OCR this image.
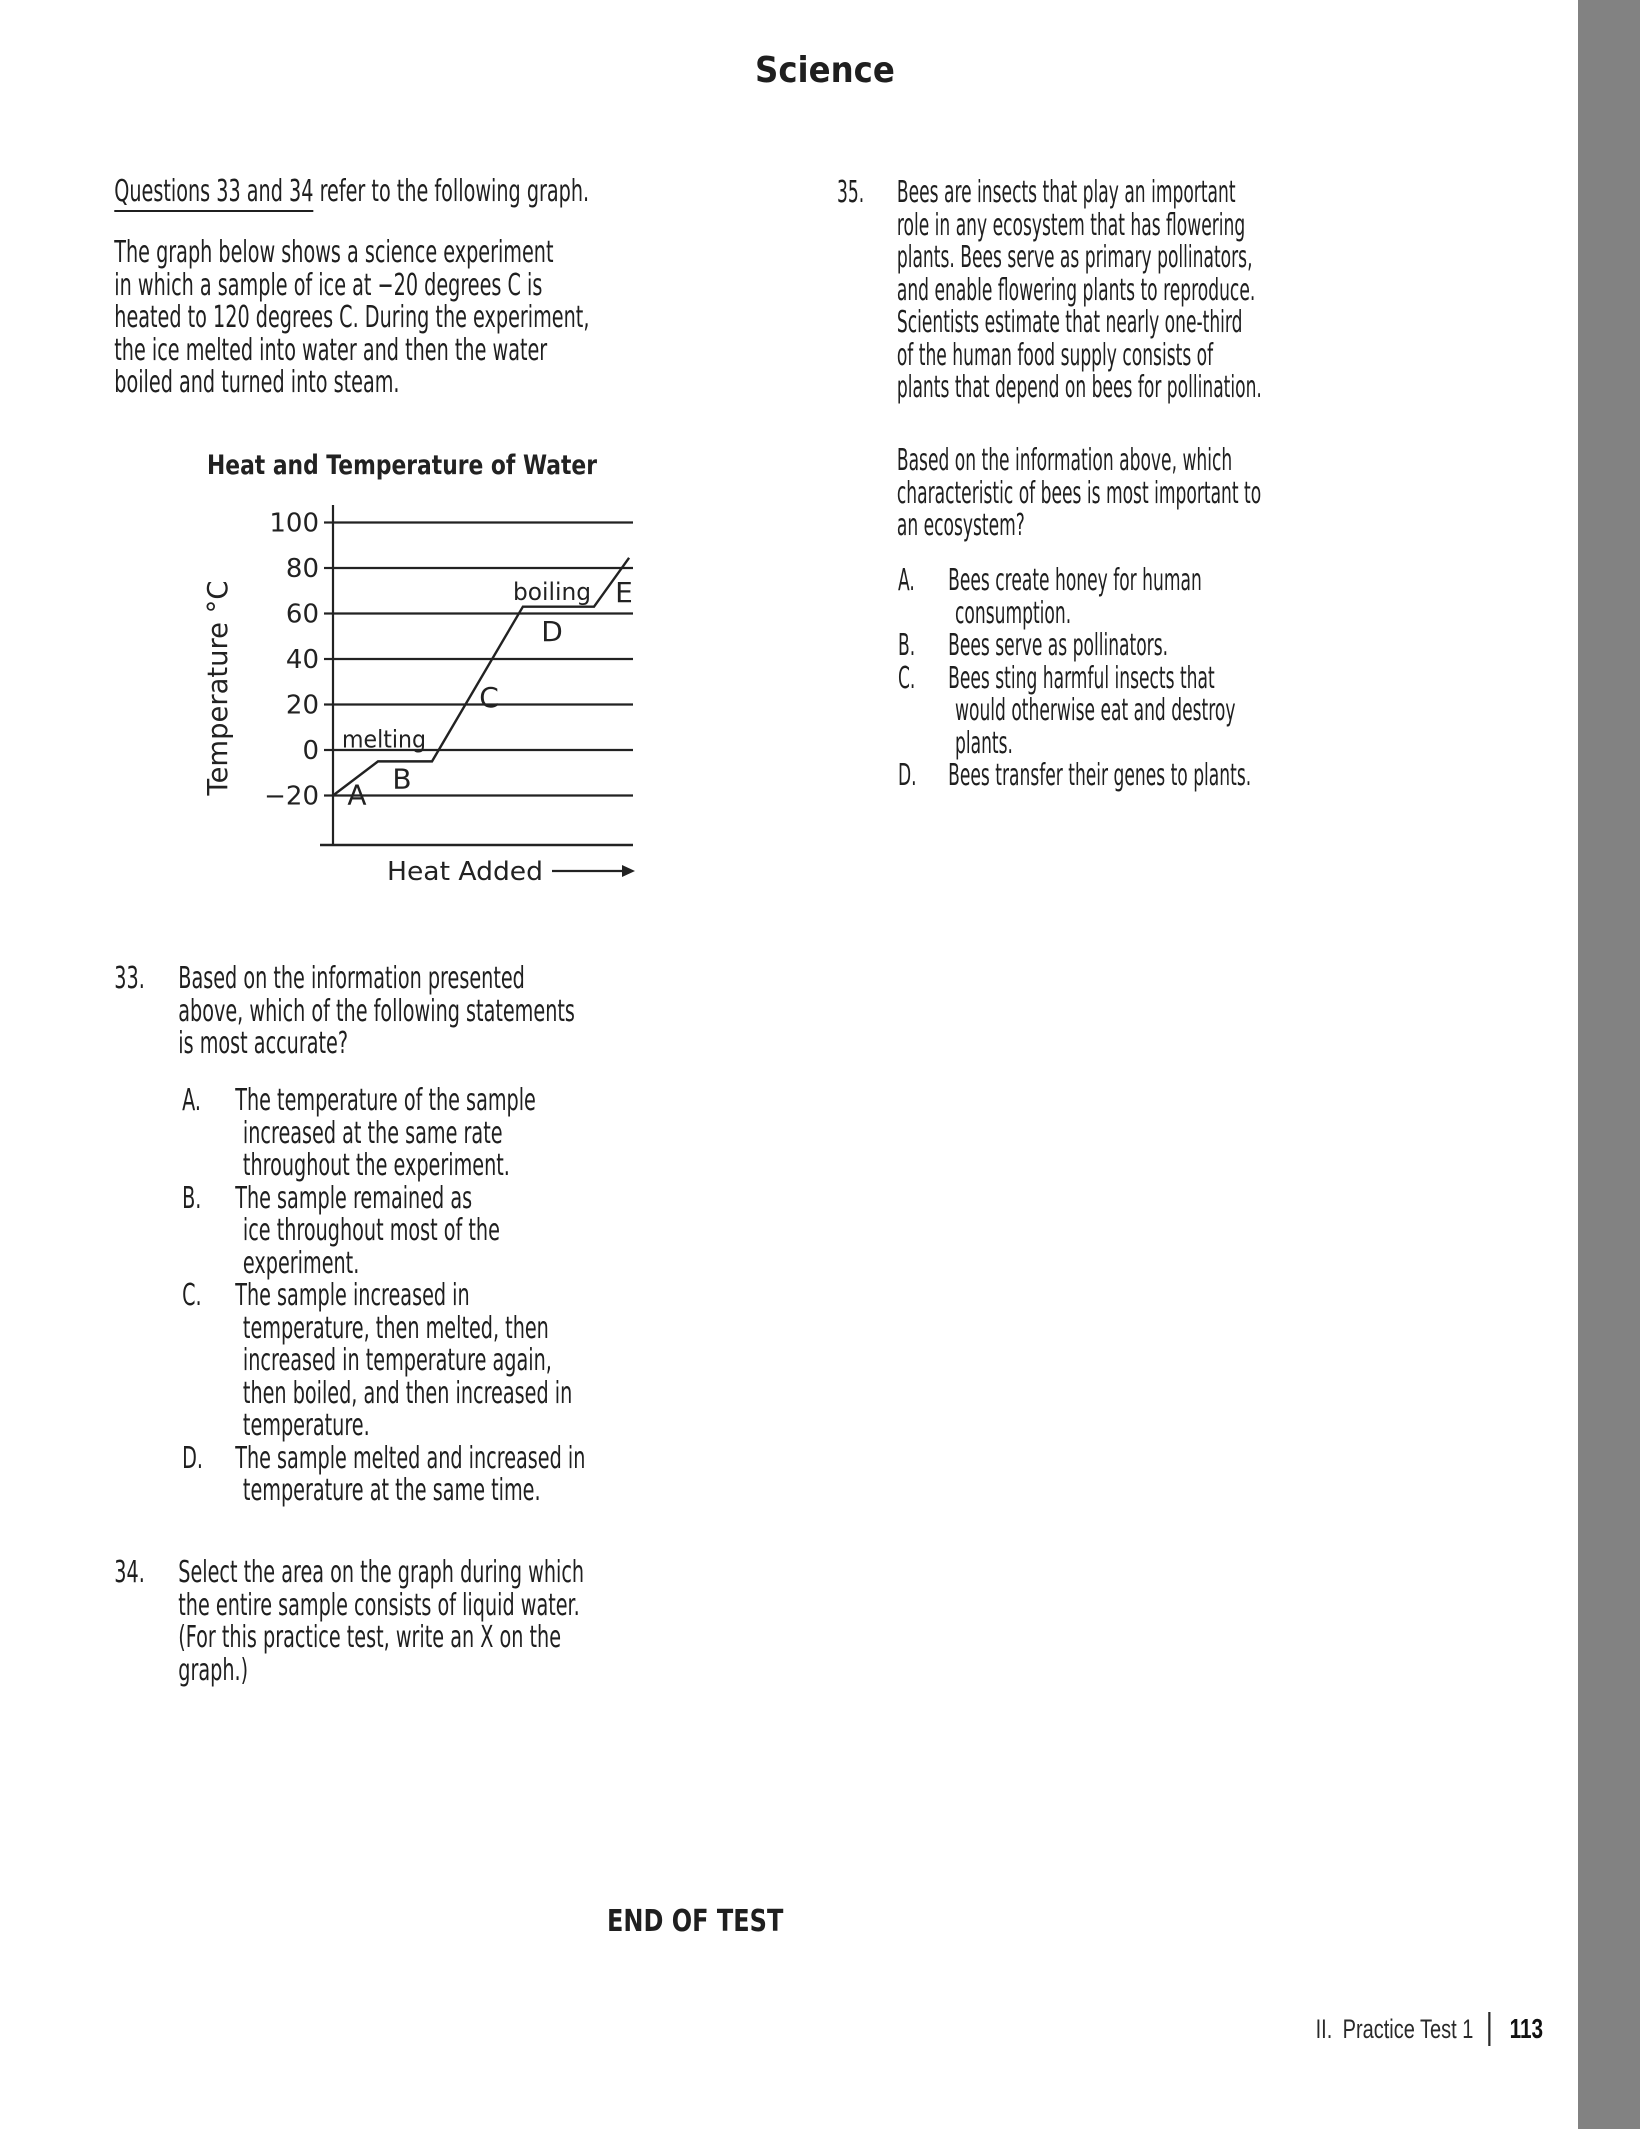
Science
Questions 33 and 34 refer to the following graph.
The graph below shows a science experiment
in which a sample of ice at −20 degrees C is
heated to 120 degrees C. During the experiment,
the ice melted into water and then the water
boiled and turned into steam.
33. Based on the information presented
above, which of the following statements
is most accurate?
A. The temperature of the sample
increased at the same rate
throughout the experiment.
B. The sample remained as
ice throughout most of the
experiment.
C. The sample increased in
temperature, then melted, then
increased in temperature again,
then boiled, and then increased in
temperature.
D. The sample melted and increased in
temperature at the same time.
34. Select the area on the graph during which
the entire sample consists of liquid water.
(For this practice test, write an X on the
graph.)
Heat and Temperature of Water
100
80
60
40
20
0
−20 A B
C
D
E
melting
boiling
Heat Added
Temperature °C
35. Bees are insects that play an important
role in any ecosystem that has flowering
plants. Bees serve as primary pollinators,
and enable flowering plants to reproduce.
Scientists estimate that nearly one-third
of the human food supply consists of
plants that depend on bees for pollination.
Based on the information above, which
characteristic of bees is most important to
an ecosystem?
A. Bees create honey for human
consumption.
B. Bees serve as pollinators.
C. Bees sting harmful insects that
would otherwise eat and destroy
plants.
D. Bees transfer their genes to plants.
END OF TEST
II. Practice Test 1 113
